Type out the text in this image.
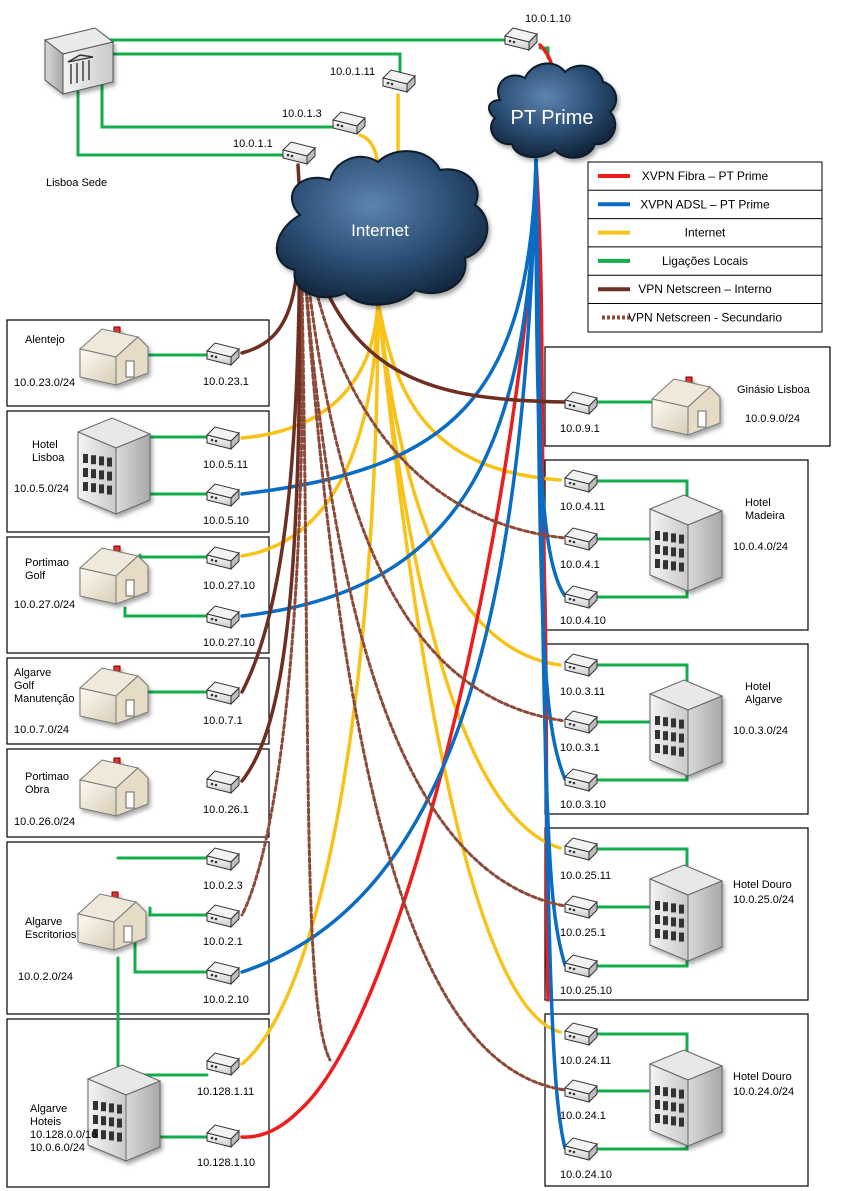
Internet
PT Prime
XVPN Fibra – PT Prime
XVPN ADSL – PT Prime
Internet
Ligações Locais
VPN Netscreen – Interno
VPN Netscreen - Secundario
Lisboa Sede
10.0.1.10
10.0.1.11
10.0.1.3
10.0.1.1
Alentejo
10.0.23.0/24	10.0.23.1
Hotel Lisboa
10.0.5.0/24
10.0.5.11
10.0.5.10
Portimao Golf
10.0.27.0/24
10.0.27.10
10.0.27.10
Algarve Golf Manutenção
10.0.7.0/24
10.0.7.1
Portimao Obra
10.0.26.0/24
10.0.26.1
Algarve Escritorios
10.0.2.0/24
10.0.2.3
10.0.2.1
10.0.2.10
Algarve Hoteis 10.128.0.0/16 10.0.6.0/24
10.128.1.11
10.128.1.10
Ginásio Lisboa
10.0.9.0/24
10.0.9.1
Hotel Madeira
10.0.4.0/24
10.0.4.11
10.0.4.1
10.0.4.10
Hotel Algarve
10.0.3.0/24
10.0.3.11
10.0.3.1
10.0.3.10
Hotel Douro
10.0.25.0/24
10.0.25.11
10.0.25.1
10.0.25.10
Hotel Douro
10.0.24.0/24
10.0.24.11
10.0.24.1
10.0.24.10
